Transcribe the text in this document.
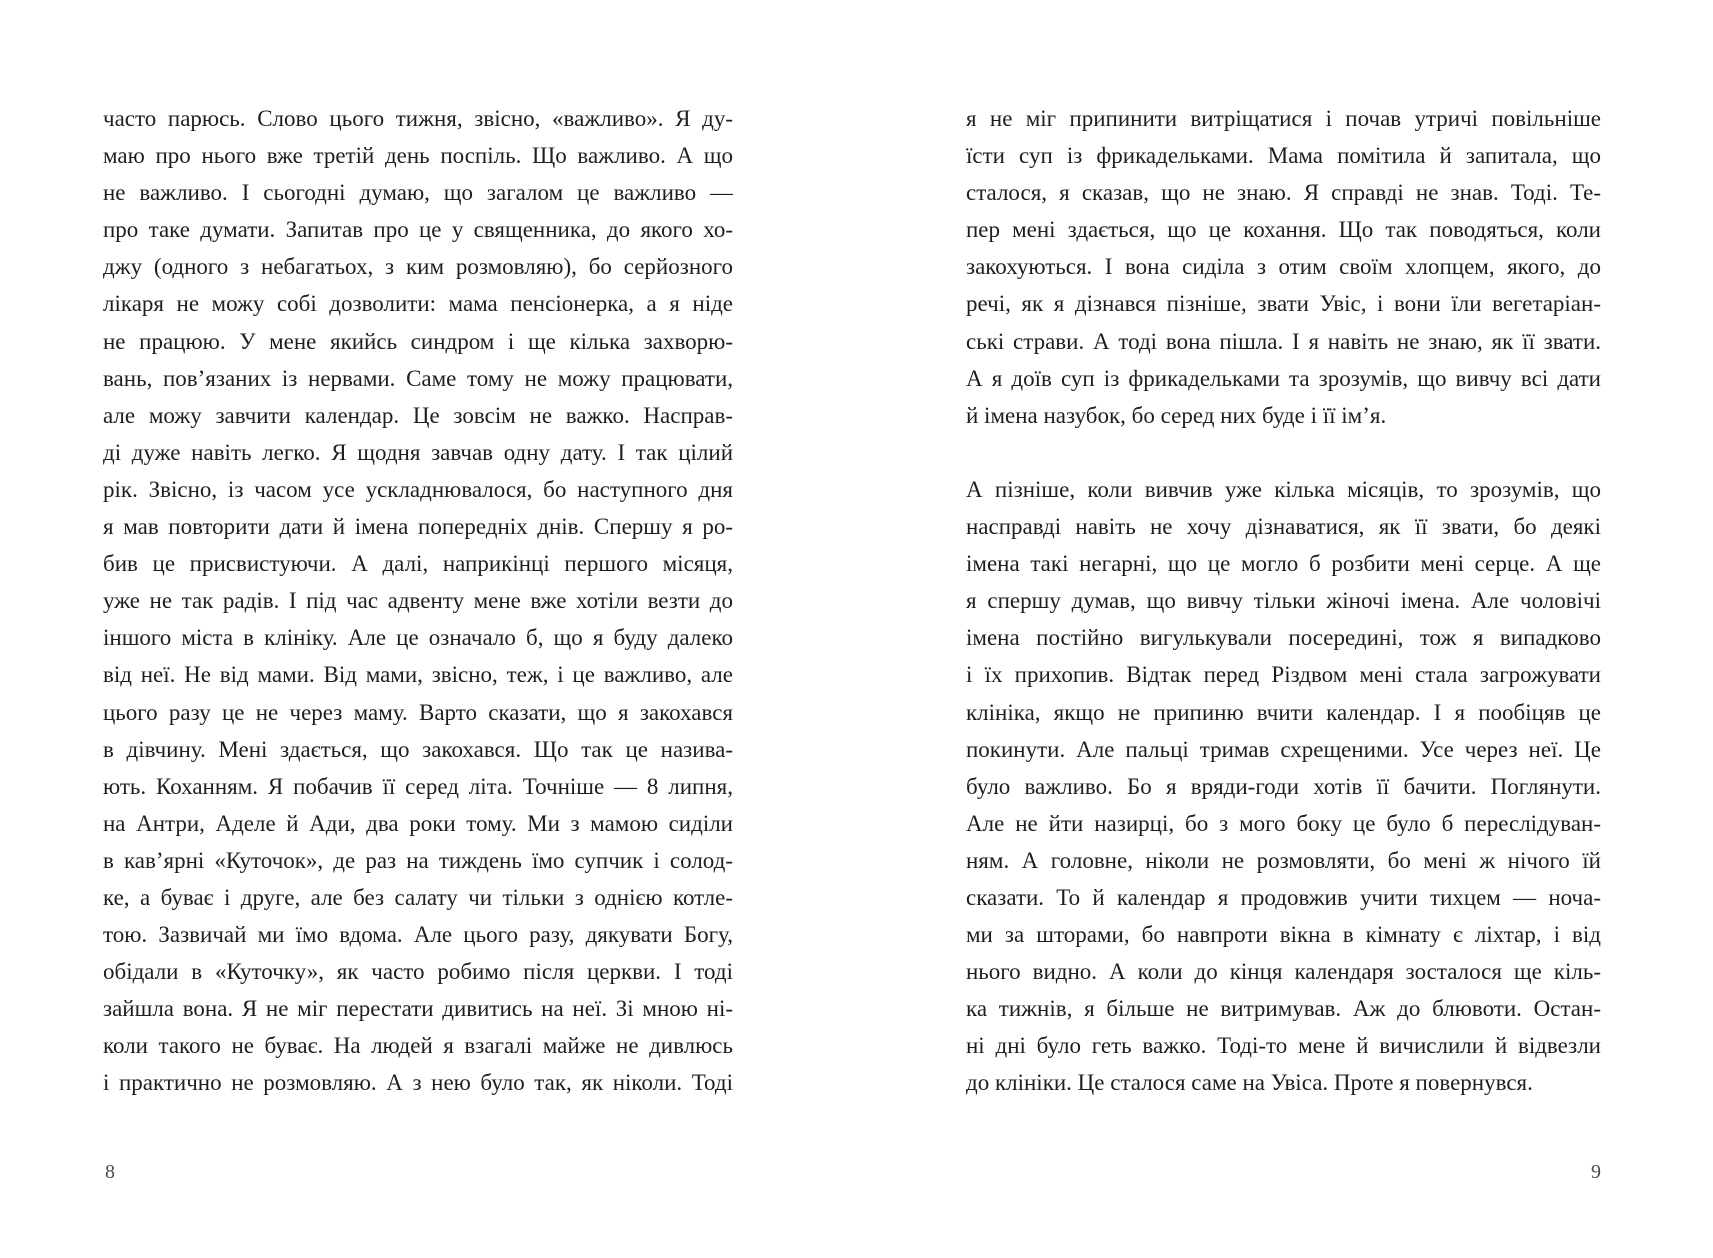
часто парюсь. Слово цього тижня, звісно, «важливо». Я ду-
маю про нього вже третій день поспіль. Що важливо. А що
не важливо. І сьогодні думаю, що загалом це важливо —
про таке думати. Запитав про це у священника, до якого хо-
джу (одного з небагатьох, з ким розмовляю), бо серйозного
лікаря не можу собі дозволити: мама пенсіонерка, а я ніде
не працюю. У мене якийсь синдром і ще кілька захворю-
вань, пов’язаних із нервами. Саме тому не можу працювати,
але можу завчити календар. Це зовсім не важко. Насправ-
ді дуже навіть легко. Я щодня завчав одну дату. І так цілий
рік. Звісно, із часом усе ускладнювалося, бо наступного дня
я мав повторити дати й імена попередніх днів. Спершу я ро-
бив це присвистуючи. А далі, наприкінці першого місяця,
уже не так радів. І під час адвенту мене вже хотіли везти до
іншого міста в клініку. Але це означало б, що я буду далеко
від неї. Не від мами. Від мами, звісно, теж, і це важливо, але
цього разу це не через маму. Варто сказати, що я закохався
в дівчину. Мені здається, що закохався. Що так це назива-
ють. Коханням. Я побачив її серед літа. Точніше — 8 липня,
на Антри, Аделе й Ади, два роки тому. Ми з мамою сиділи
в кав’ярні «Куточок», де раз на тиждень їмо супчик і солод-
ке, а буває і друге, але без салату чи тільки з однією котле-
тою. Зазвичай ми їмо вдома. Але цього разу, дякувати Богу,
обідали в «Куточку», як часто робимо після церкви. І тоді
зайшла вона. Я не міг перестати дивитись на неї. Зі мною ні-
коли такого не буває. На людей я взагалі майже не дивлюсь
і практично не розмовляю. А з нею було так, як ніколи. Тоді
8
я не міг припинити витріщатися і почав утричі повільніше
їсти суп із фрикадельками. Мама помітила й запитала, що
сталося, я сказав, що не знаю. Я справді не знав. Тоді. Те-
пер мені здається, що це кохання. Що так поводяться, коли
закохуються. І вона сиділа з отим своїм хлопцем, якого, до
речі, як я дізнався пізніше, звати Увіс, і вони їли вегетаріан-
ські страви. А тоді вона пішла. І я навіть не знаю, як її звати.
А я доїв суп із фрикадельками та зрозумів, що вивчу всі дати
й імена назубок, бо серед них буде і її ім’я.
А пізніше, коли вивчив уже кілька місяців, то зрозумів, що
насправді навіть не хочу дізнаватися, як її звати, бо деякі
імена такі негарні, що це могло б розбити мені серце. А ще
я спершу думав, що вивчу тільки жіночі імена. Але чоловічі
імена постійно вигулькували посередині, тож я випадково
і їх прихопив. Відтак перед Різдвом мені стала загрожувати
клініка, якщо не припиню вчити календар. І я пообіцяв це
покинути. Але пальці тримав схрещеними. Усе через неї. Це
було важливо. Бо я вряди-годи хотів її бачити. Поглянути.
Але не йти назирці, бо з мого боку це було б переслідуван-
ням. А головне, ніколи не розмовляти, бо мені ж нічого їй
сказати. То й календар я продовжив учити тихцем — ноча-
ми за шторами, бо навпроти вікна в кімнату є ліхтар, і від
нього видно. А коли до кінця календаря зосталося ще кіль-
ка тижнів, я більше не витримував. Аж до блювоти. Остан-
ні дні було геть важко. Тоді-то мене й вичислили й відвезли
до клініки. Це сталося саме на Увіса. Проте я повернувся.
9
